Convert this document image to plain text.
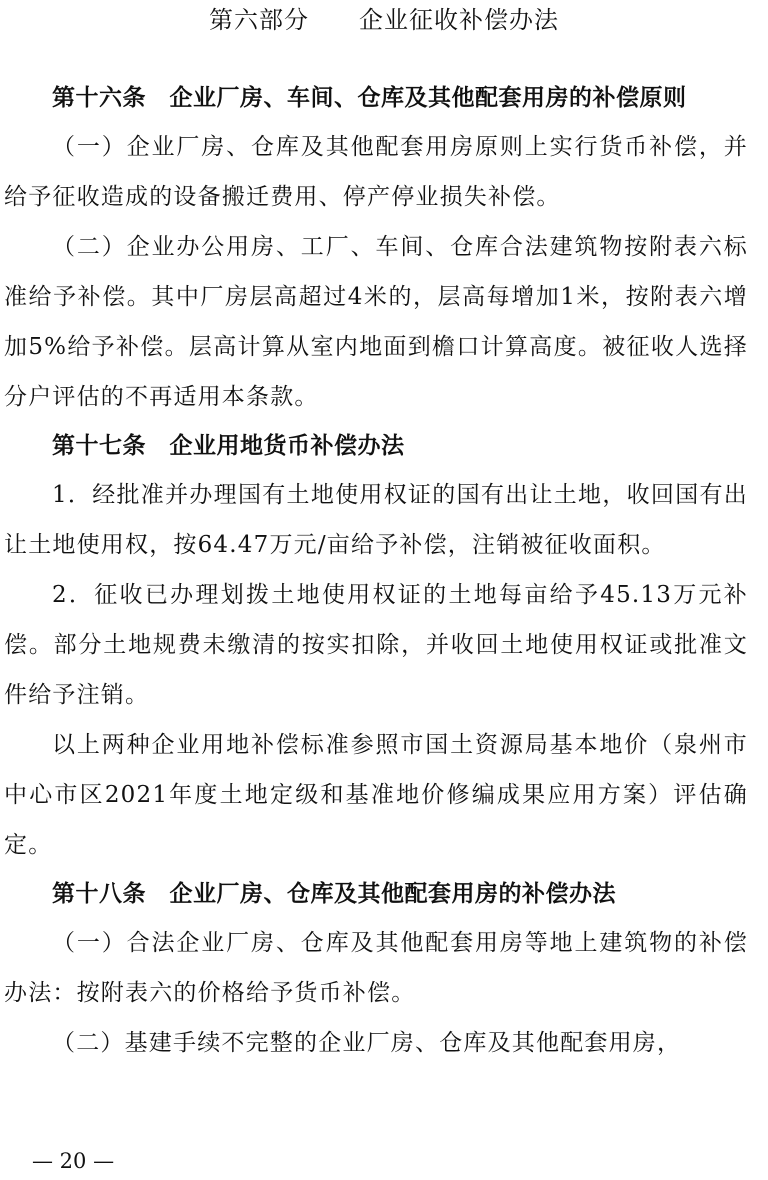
第六部分　　企业征收补偿办法

第十六条　企业厂房、车间、仓库及其他配套用房的补偿原则

（一）企业厂房、仓库及其他配套用房原则上实行货币补偿，并给予征收造成的设备搬迁费用、停产停业损失补偿。

（二）企业办公用房、工厂、车间、仓库合法建筑物按附表六标准给予补偿。其中厂房层高超过4米的，层高每增加1米，按附表六增加5%给予补偿。层高计算从室内地面到檐口计算高度。被征收人选择分户评估的不再适用本条款。

第十七条　企业用地货币补偿办法

1．经批准并办理国有土地使用权证的国有出让土地，收回国有出让土地使用权，按64.47万元/亩给予补偿，注销被征收面积。

2．征收已办理划拨土地使用权证的土地每亩给予45.13万元补偿。部分土地规费未缴清的按实扣除，并收回土地使用权证或批准文件给予注销。

以上两种企业用地补偿标准参照市国土资源局基本地价（泉州市中心市区2021年度土地定级和基准地价修编成果应用方案）评估确定。

第十八条　企业厂房、仓库及其他配套用房的补偿办法

（一）合法企业厂房、仓库及其他配套用房等地上建筑物的补偿办法：按附表六的价格给予货币补偿。

（二）基建手续不完整的企业厂房、仓库及其他配套用房，

— 20 —
